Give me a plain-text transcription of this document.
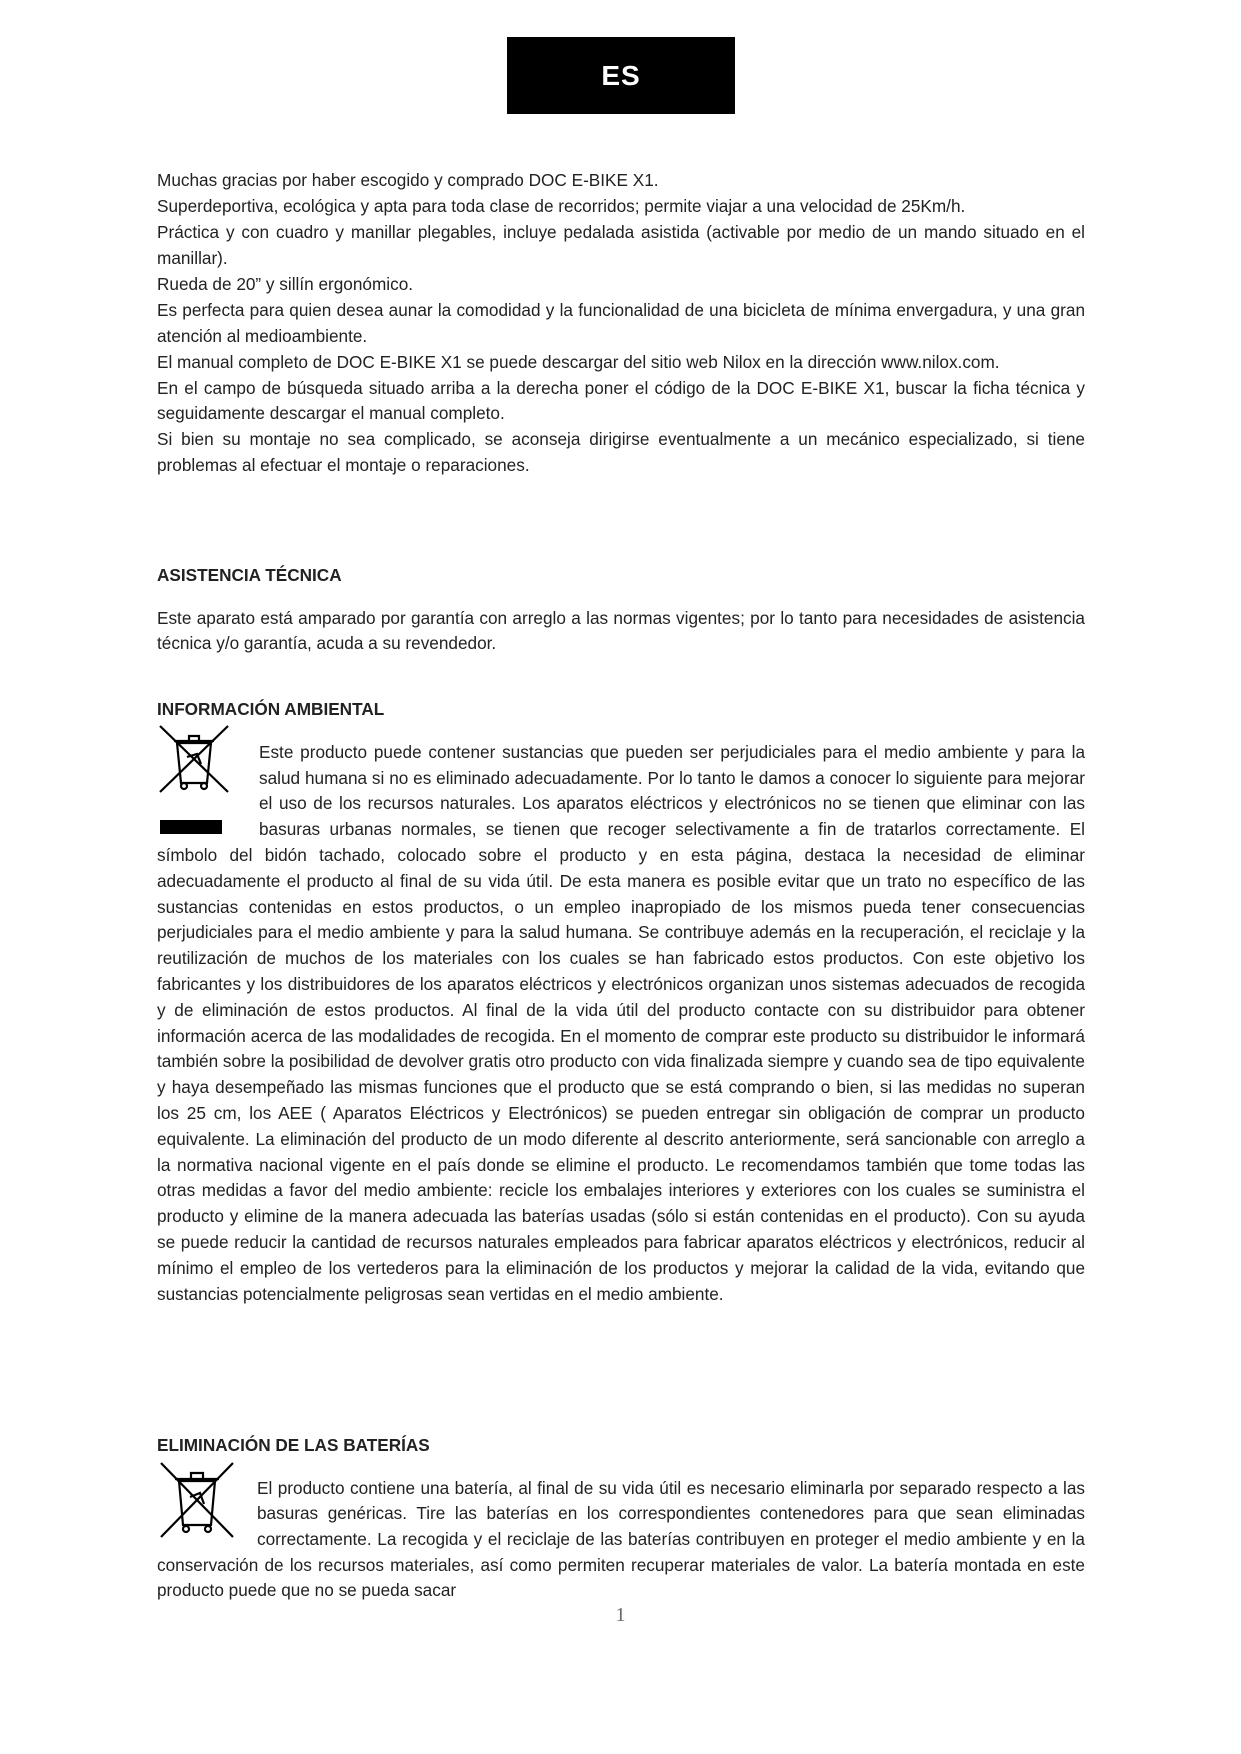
ES

Muchas gracias por haber escogido y comprado DOC E-BIKE X1.

Superdeportiva, ecológica y apta para toda clase de recorridos; permite viajar a una velocidad de 25Km/h.

Práctica y con cuadro y manillar plegables, incluye pedalada asistida (activable por medio de un mando situado en el manillar).

Rueda de 20” y sillín ergonómico.

Es perfecta para quien desea aunar la comodidad y la funcionalidad de una bicicleta de mínima envergadura, y una gran atención al medioambiente.

El manual completo de DOC E-BIKE X1 se puede descargar del sitio web Nilox en la dirección www.nilox.com.

En el campo de búsqueda situado arriba a la derecha poner el código de la DOC E-BIKE X1, buscar la ficha técnica y seguidamente descargar el manual completo.

Si bien su montaje no sea complicado, se aconseja dirigirse eventualmente a un mecánico especializado, si tiene problemas al efectuar el montaje o reparaciones.

ASISTENCIA TÉCNICA

Este aparato está amparado por garantía con arreglo a las normas vigentes; por lo tanto para necesidades de asistencia técnica y/o garantía, acuda a su revendedor.

INFORMACIÓN AMBIENTAL

Este producto puede contener sustancias que pueden ser perjudiciales para el medio ambiente y para la salud humana si no es eliminado adecuadamente. Por lo tanto le damos a conocer lo siguiente para mejorar el uso de los recursos naturales. Los aparatos eléctricos y electrónicos no se tienen que eliminar con las basuras urbanas normales, se tienen que recoger selectivamente a fin de tratarlos correctamente. El símbolo del bidón tachado, colocado sobre el producto y en esta página, destaca la necesidad de eliminar adecuadamente el producto al final de su vida útil. De esta manera es posible evitar que un trato no específico de las sustancias contenidas en estos productos, o un empleo inapropiado de los mismos pueda tener consecuencias perjudiciales para el medio ambiente y para la salud humana. Se contribuye además en la recuperación, el reciclaje y la reutilización de muchos de los materiales con los cuales se han fabricado estos productos. Con este objetivo los fabricantes y los distribuidores de los aparatos eléctricos y electrónicos organizan unos sistemas adecuados de recogida y de eliminación de estos productos. Al final de la vida útil del producto contacte con su distribuidor para obtener información acerca de las modalidades de recogida. En el momento de comprar este producto su distribuidor le informará también sobre la posibilidad de devolver gratis otro producto con vida finalizada siempre y cuando sea de tipo equivalente y haya desempeñado las mismas funciones que el producto que se está comprando o bien, si las medidas no superan los 25 cm, los AEE ( Aparatos Eléctricos y Electrónicos) se pueden entregar sin obligación de comprar un producto equivalente. La eliminación del producto de un modo diferente al descrito anteriormente, será sancionable con arreglo a la normativa nacional vigente en el país donde se elimine el producto. Le recomendamos también que tome todas las otras medidas a favor del medio ambiente: recicle los embalajes interiores y exteriores con los cuales se suministra el producto y elimine de la manera adecuada las baterías usadas (sólo si están contenidas en el producto). Con su ayuda se puede reducir la cantidad de recursos naturales empleados para fabricar aparatos eléctricos y electrónicos, reducir al mínimo el empleo de los vertederos para la eliminación de los productos y mejorar la calidad de la vida, evitando que sustancias potencialmente peligrosas sean vertidas en el medio ambiente.

ELIMINACIÓN DE LAS BATERÍAS

El producto contiene una batería, al final de su vida útil es necesario eliminarla por separado respecto a las basuras genéricas. Tire las baterías en los correspondientes contenedores para que sean eliminadas correctamente. La recogida y el reciclaje de las baterías contribuyen en proteger el medio ambiente y en la conservación de los recursos materiales, así como permiten recuperar materiales de valor. La batería montada en este producto puede que no se pueda sacar

1
